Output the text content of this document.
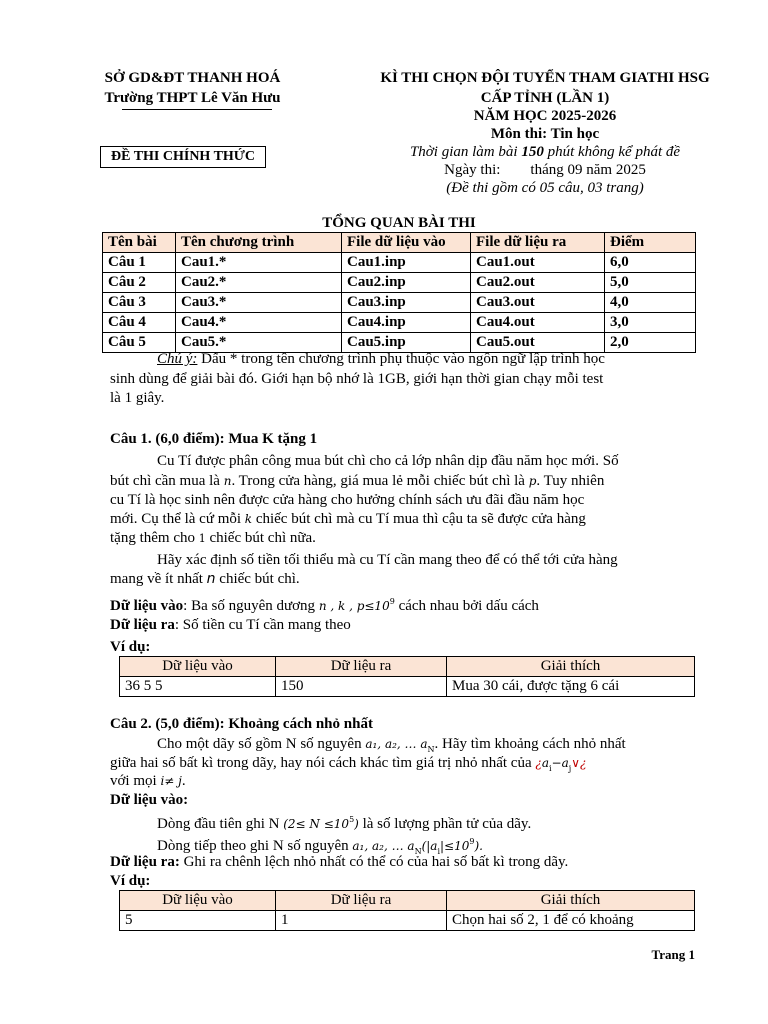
SỞ GD&ĐT THANH HOÁ
Trường THPT Lê Văn Hưu
ĐỀ THI CHÍNH THỨC
KÌ THI CHỌN ĐỘI TUYỂN THAM GIATHI HSG
CẤP TỈNH (LẦN 1)
NĂM HỌC 2025-2026
Môn thi: Tin học
Thời gian làm bài 150 phút không kể phát đề
Ngày thi:        tháng 09 năm 2025
(Đề thi gồm có 05 câu, 03 trang)
TỔNG QUAN BÀI THI
Tên bài	Tên chương trình	File dữ liệu vào	File dữ liệu ra	Điểm
Câu 1	Cau1.*	Cau1.inp	Cau1.out	6,0
Câu 2	Cau2.*	Cau2.inp	Cau2.out	5,0
Câu 3	Cau3.*	Cau3.inp	Cau3.out	4,0
Câu 4	Cau4.*	Cau4.inp	Cau4.out	3,0
Câu 5	Cau5.*	Cau5.inp	Cau5.out	2,0
Chú ý: Dấu * trong tên chương trình phụ thuộc vào ngôn ngữ lập trình học
sinh dùng để giải bài đó. Giới hạn bộ nhớ là 1GB, giới hạn thời gian chạy mỗi test
là 1 giây.
Câu 1. (6,0 điểm): Mua K tặng 1
Cu Tí được phân công mua bút chì cho cả lớp nhân dịp đầu năm học mới. Số
bút chì cần mua là n. Trong cửa hàng, giá mua lẻ mỗi chiếc bút chì là p. Tuy nhiên
cu Tí là học sinh nên được cửa hàng cho hưởng chính sách ưu đãi đầu năm học
mới. Cụ thể là cứ mỗi k chiếc bút chì mà cu Tí mua thì cậu ta sẽ được cửa hàng
tặng thêm cho 1 chiếc bút chì nữa.
Hãy xác định số tiền tối thiểu mà cu Tí cần mang theo để có thể tới cửa hàng
mang về ít nhất n chiếc bút chì.
Dữ liệu vào: Ba số nguyên dương n , k , $p\le 10^9$ cách nhau bởi dấu cách
Dữ liệu ra: Số tiền cu Tí cần mang theo
Ví dụ:
Dữ liệu vào	Dữ liệu ra	Giải thích
36 5 5	150	Mua 30 cái, được tặng 6 cái
Câu 2. (5,0 điểm): Khoảng cách nhỏ nhất
Cho một dãy số gồm N số nguyên a₁, a₂, … $a_N$. Hãy tìm khoảng cách nhỏ nhất
giữa hai số bất kì trong dãy, hay nói cách khác tìm giá trị nhỏ nhất của ¿$a_i-a_j\vee¿$
với mọi i≠ j.
Dữ liệu vào:
Dòng đầu tiên ghi N $(2\le N \le 10^5)$ là số lượng phần tử của dãy.
Dòng tiếp theo ghi N số nguyên a₁, a₂, … $a_N(|a_i|\le 10^9)$.
Dữ liệu ra: Ghi ra chênh lệch nhỏ nhất có thể có của hai số bất kì trong dãy.
Ví dụ:
Dữ liệu vào	Dữ liệu ra	Giải thích
5	1	Chọn hai số 2, 1 để có khoảng
Trang 1
